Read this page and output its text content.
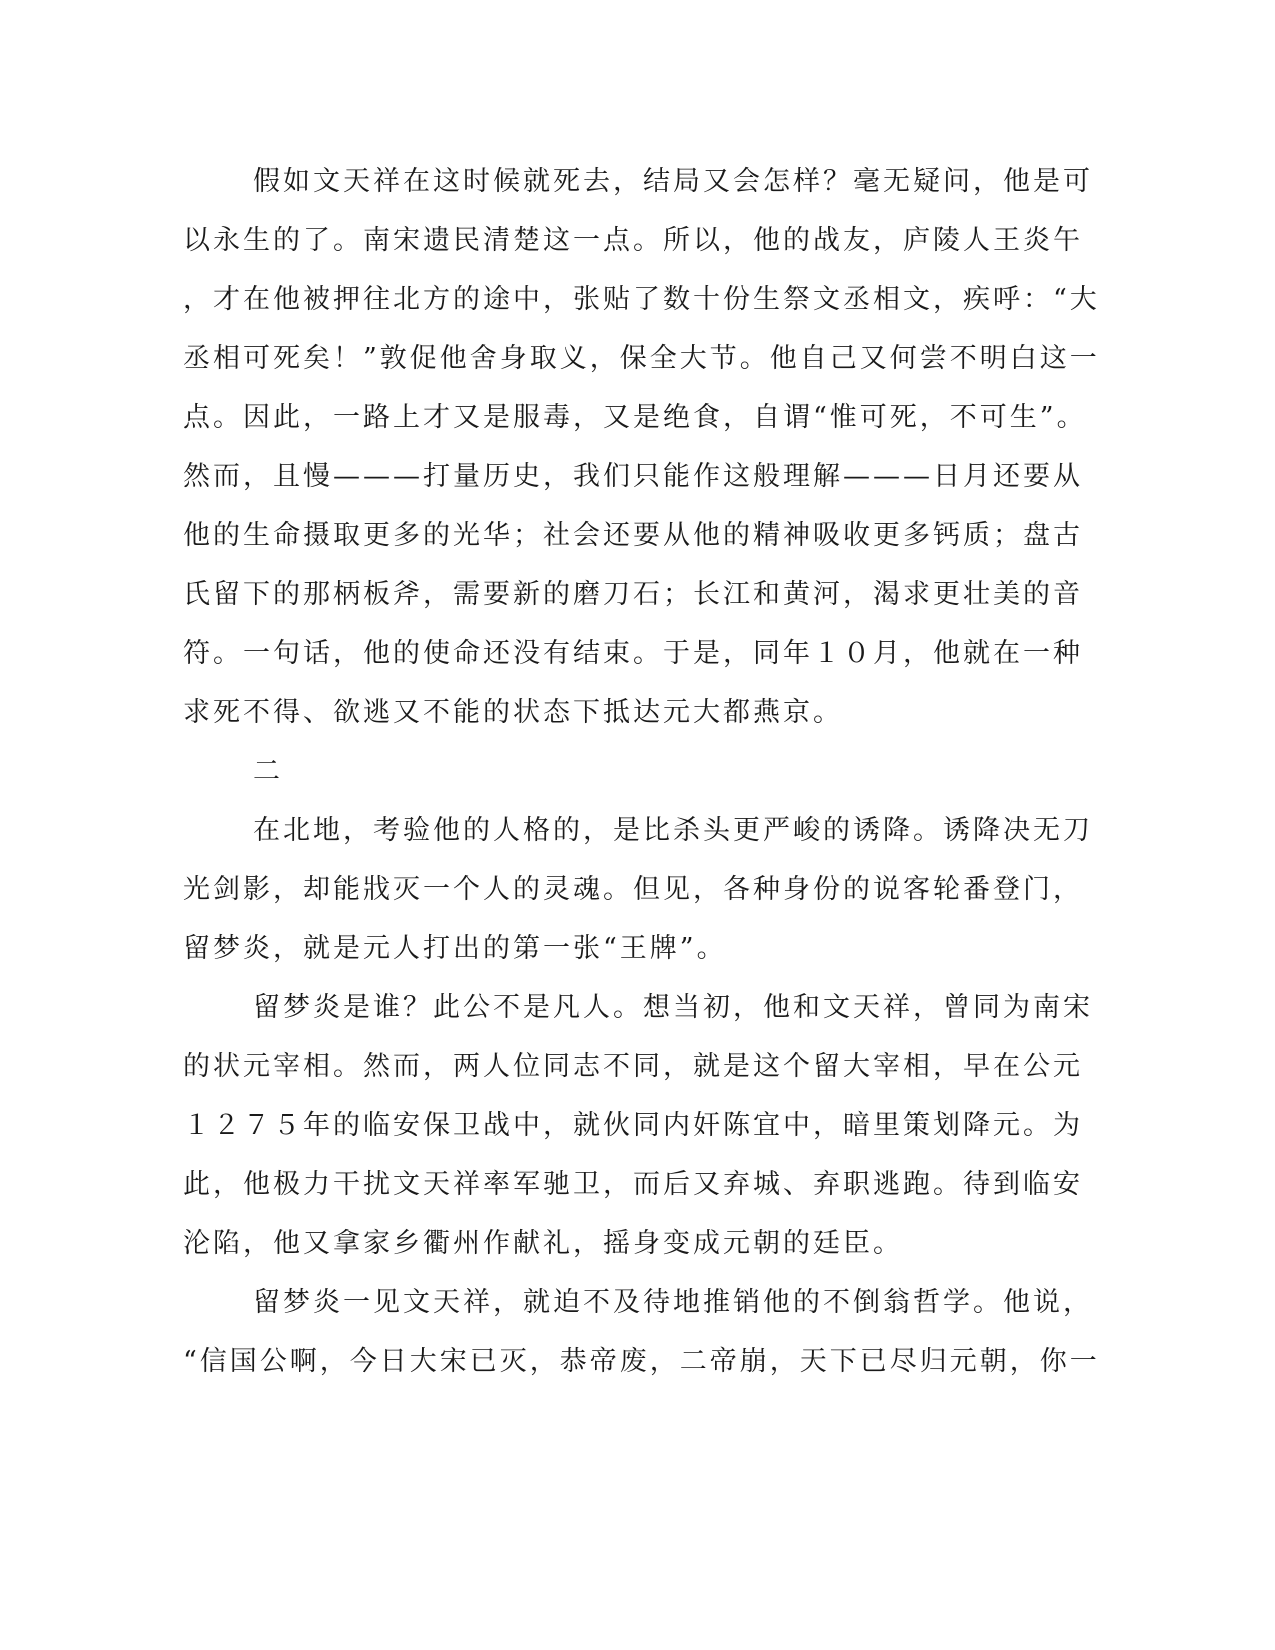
假如文天祥在这时候就死去，结局又会怎样？毫无疑问，他是可
以永生的了。南宋遗民清楚这一点。所以，他的战友，庐陵人王炎午
，才在他被押往北方的途中，张贴了数十份生祭文丞相文，疾呼：“大
丞相可死矣！”敦促他舍身取义，保全大节。他自己又何尝不明白这一
点。因此，一路上才又是服毒，又是绝食，自谓“惟可死，不可生”。
然而，且慢———打量历史，我们只能作这般理解———日月还要从
他的生命摄取更多的光华；社会还要从他的精神吸收更多钙质；盘古
氏留下的那柄板斧，需要新的磨刀石；长江和黄河，渴求更壮美的音
符。一句话，他的使命还没有结束。于是，同年１０月，他就在一种
求死不得、欲逃又不能的状态下抵达元大都燕京。
二
在北地，考验他的人格的，是比杀头更严峻的诱降。诱降决无刀
光剑影，却能戕灭一个人的灵魂。但见，各种身份的说客轮番登门，
留梦炎，就是元人打出的第一张“王牌”。
留梦炎是谁？此公不是凡人。想当初，他和文天祥，曾同为南宋
的状元宰相。然而，两人位同志不同，就是这个留大宰相，早在公元
１２７５年的临安保卫战中，就伙同内奸陈宜中，暗里策划降元。为
此，他极力干扰文天祥率军驰卫，而后又弃城、弃职逃跑。待到临安
沦陷，他又拿家乡衢州作献礼，摇身变成元朝的廷臣。
留梦炎一见文天祥，就迫不及待地推销他的不倒翁哲学。他说，
“信国公啊，今日大宋已灭，恭帝废，二帝崩，天下已尽归元朝，你一
